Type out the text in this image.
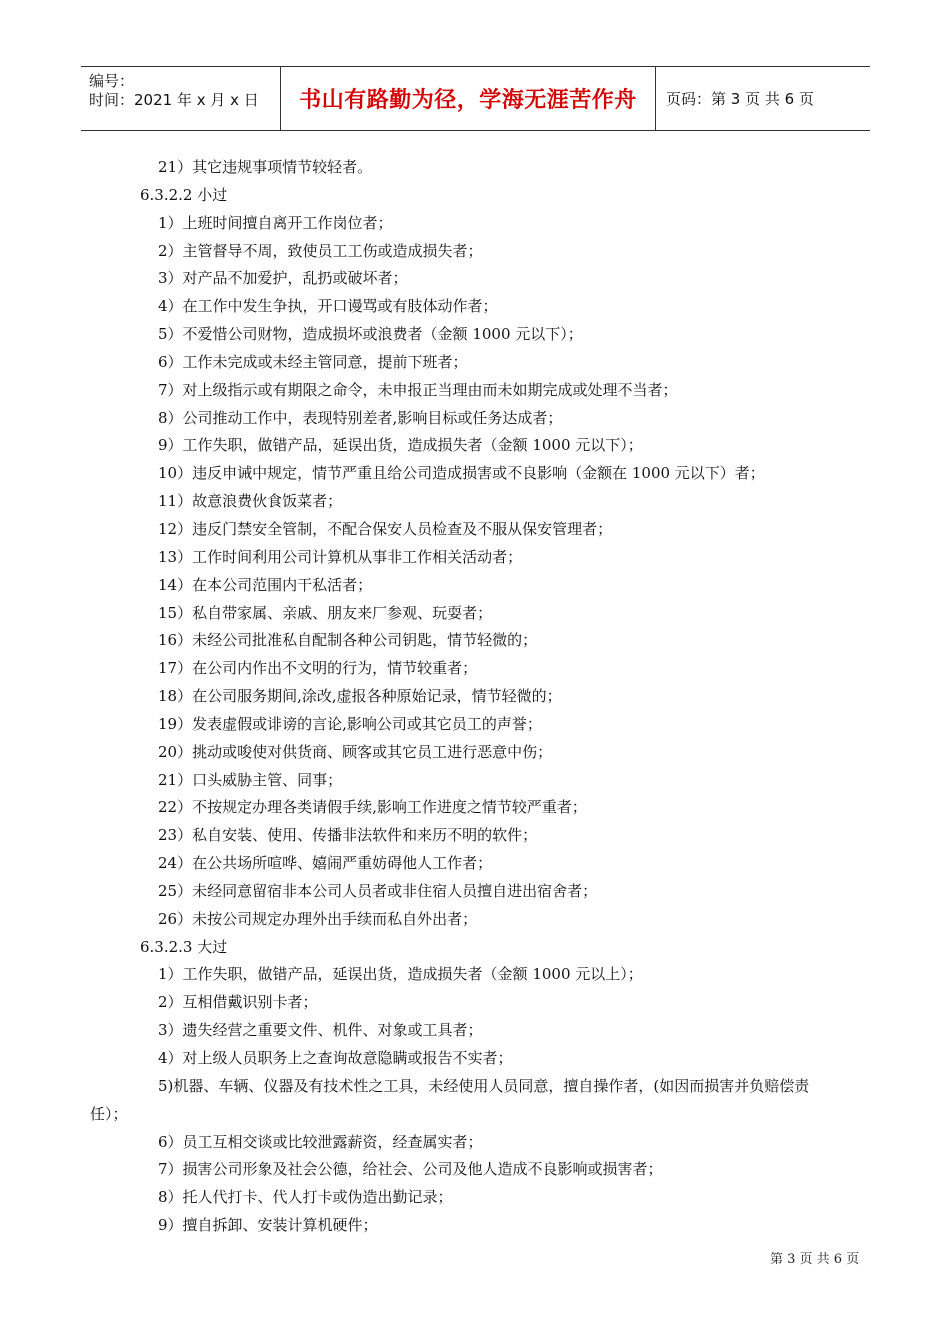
编号：
时间：2021 年 x 月 x 日	书山有路勤为径，学海无涯苦作舟	页码：第 3 页 共 6 页
21）其它违规事项情节较轻者。
6.3.2.2 小过
1）上班时间擅自离开工作岗位者；
2）主管督导不周，致使员工工伤或造成损失者；
3）对产品不加爱护，乱扔或破坏者；
4）在工作中发生争执，开口谩骂或有肢体动作者；
5）不爱惜公司财物，造成损坏或浪费者（金额 1000 元以下）；
6）工作未完成或未经主管同意，提前下班者；
7）对上级指示或有期限之命令，未申报正当理由而未如期完成或处理不当者；
8）公司推动工作中，表现特别差者,影响目标或任务达成者；
9）工作失职，做错产品，延误出货，造成损失者（金额 1000 元以下）；
10）违反申诫中规定，情节严重且给公司造成损害或不良影响（金额在 1000 元以下）者；
11）故意浪费伙食饭菜者；
12）违反门禁安全管制，不配合保安人员检查及不服从保安管理者；
13）工作时间利用公司计算机从事非工作相关活动者；
14）在本公司范围内干私活者；
15）私自带家属、亲戚、朋友来厂参观、玩耍者；
16）未经公司批准私自配制各种公司钥匙，情节轻微的；
17）在公司内作出不文明的行为，情节较重者；
18）在公司服务期间,涂改,虚报各种原始记录，情节轻微的；
19）发表虚假或诽谤的言论,影响公司或其它员工的声誉；
20）挑动或唆使对供货商、顾客或其它员工进行恶意中伤；
21）口头威胁主管、同事；
22）不按规定办理各类请假手续,影响工作进度之情节较严重者；
23）私自安装、使用、传播非法软件和来历不明的软件；
24）在公共场所喧哗、嬉闹严重妨碍他人工作者；
25）未经同意留宿非本公司人员者或非住宿人员擅自进出宿舍者；
26）未按公司规定办理外出手续而私自外出者；
6.3.2.3 大过
1）工作失职，做错产品，延误出货，造成损失者（金额 1000 元以上）；
2）互相借戴识别卡者；
3）遗失经营之重要文件、机件、对象或工具者；
4）对上级人员职务上之查询故意隐瞒或报告不实者；
5)机器、车辆、仪器及有技术性之工具，未经使用人员同意，擅自操作者，(如因而损害并负赔偿责
任）；
6）员工互相交谈或比较泄露薪资，经查属实者；
7）损害公司形象及社会公德，给社会、公司及他人造成不良影响或损害者；
8）托人代打卡、代人打卡或伪造出勤记录；
9）擅自拆卸、安装计算机硬件；
第 3 页 共 6 页
